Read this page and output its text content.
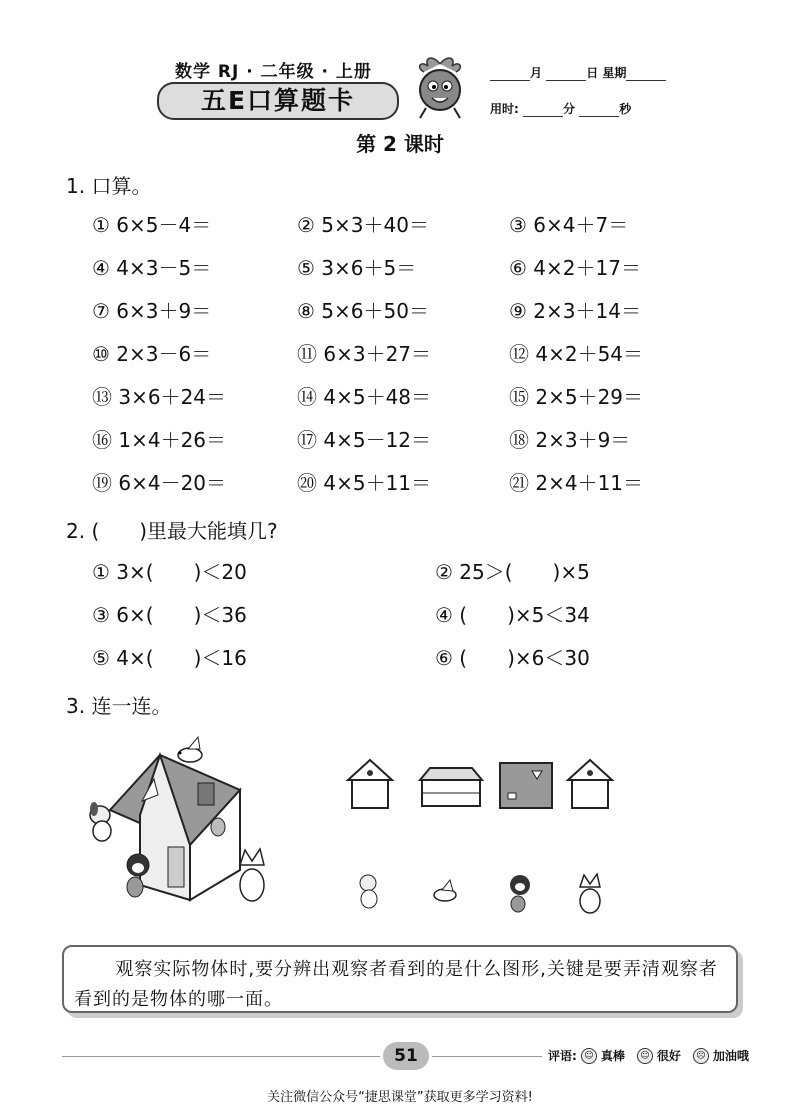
数学 RJ · 二年级 · 上册
五E口算题卡
月	日 星期
用时:	分	秒
第 2 课时
1. 口算。
① 6×5－4＝	② 5×3＋40＝	③ 6×4＋7＝
④ 4×3－5＝	⑤ 3×6＋5＝	⑥ 4×2＋17＝
⑦ 6×3＋9＝	⑧ 5×6＋50＝	⑨ 2×3＋14＝
⑩ 2×3－6＝	⑪ 6×3＋27＝	⑫ 4×2＋54＝
⑬ 3×6＋24＝	⑭ 4×5＋48＝	⑮ 2×5＋29＝
⑯ 1×4＋26＝	⑰ 4×5－12＝	⑱ 2×3＋9＝
⑲ 6×4－20＝	⑳ 4×5＋11＝	㉑ 2×4＋11＝
2. (　　)里最大能填几?
① 3×(　　)＜20	② 25＞(　　)×5
③ 6×(　　)＜36	④ (　　)×5＜34
⑤ 4×(　　)＜16	⑥ (　　)×6＜30
3. 连一连。

观察实际物体时,要分辨出观察者看到的是什么图形,关键是要弄清观察者看到的是物体的哪一面。

51	评语: ☺ 真棒	☺ 很好	☹ 加油哦
关注微信公众号“捷思课堂”获取更多学习资料!
